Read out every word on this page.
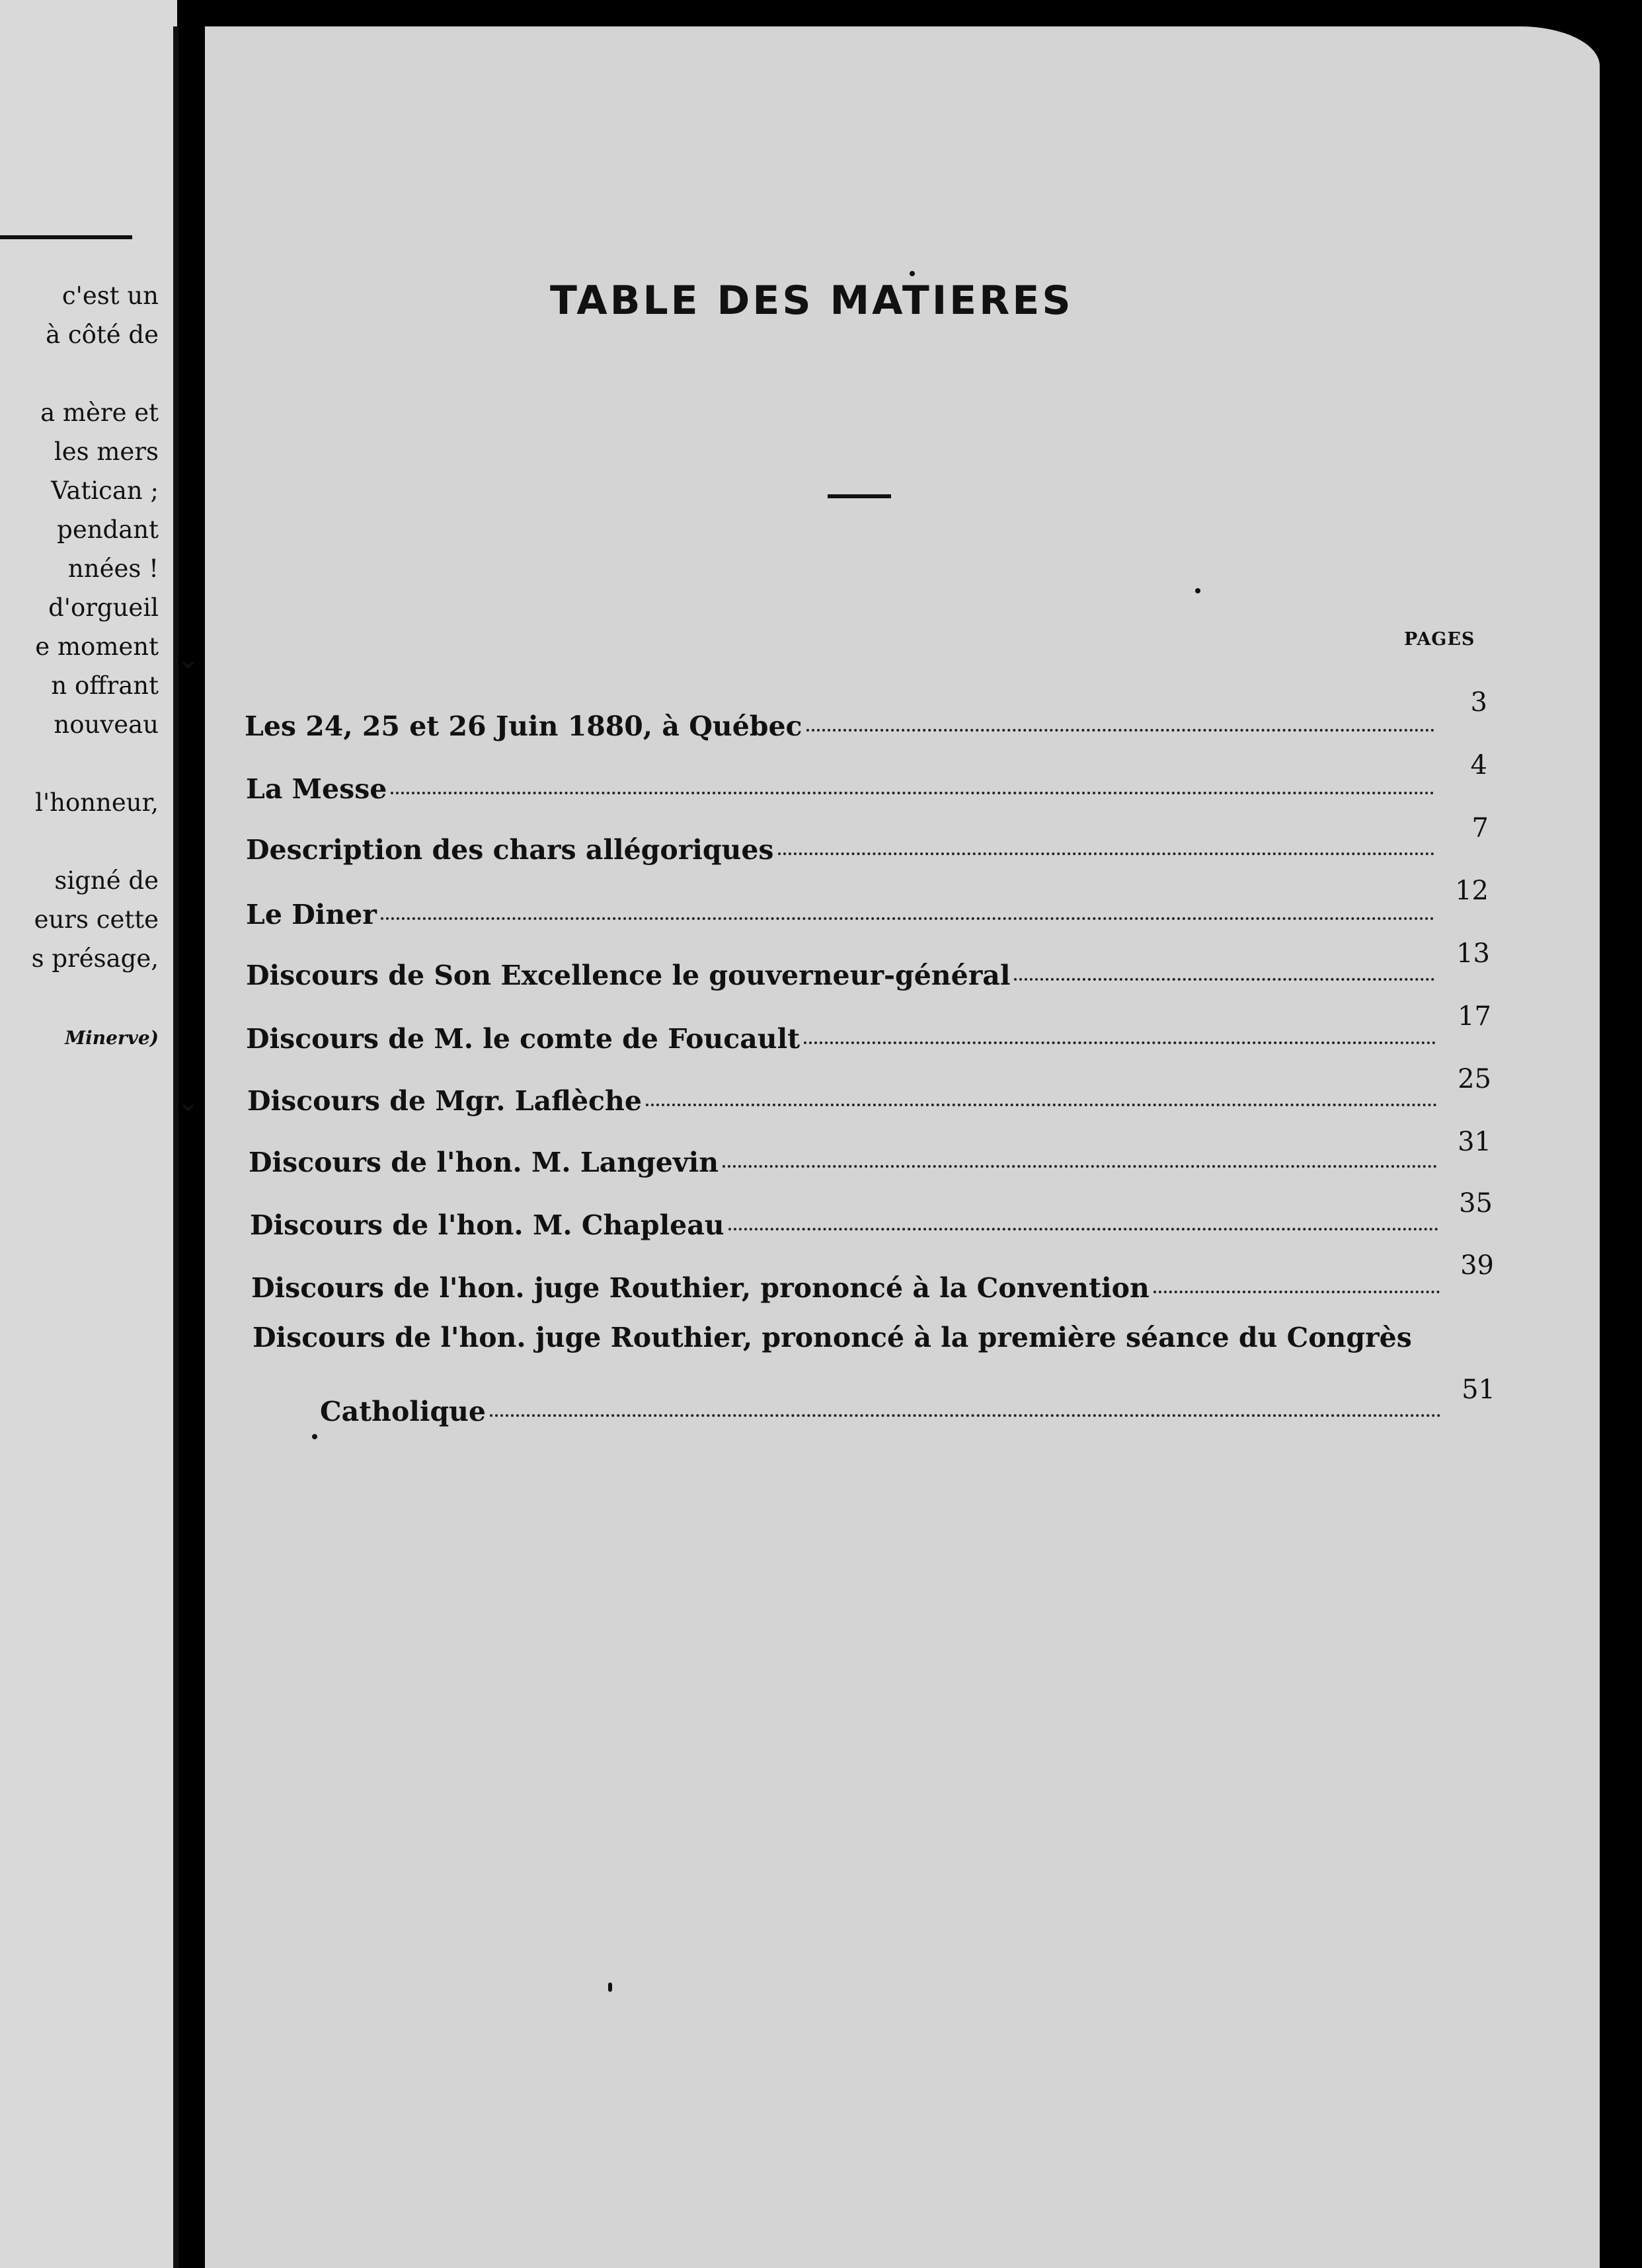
c'est un
à côté de
a mère et
les mers
Vatican ;
pendant
nnées !
d'orgueil
e moment
n offrant
nouveau
l'honneur,
signé de
eurs cette
s présage,
Minerve)
⌄
⌄
TABLE DES MATIERES
PAGES
Les 24, 25 et 26 Juin 1880, à Québec
3
La Messe
4
Description des chars allégoriques
7
Le Diner
12
Discours de Son Excellence le gouverneur-général
13
Discours de M. le comte de Foucault
17
Discours de Mgr. Laflèche
25
Discours de l'hon. M. Langevin
31
Discours de l'hon. M. Chapleau
35
Discours de l'hon. juge Routhier, prononcé à la Convention
39
Discours de l'hon. juge Routhier, prononcé à la première séance du Congrès
Catholique
51
